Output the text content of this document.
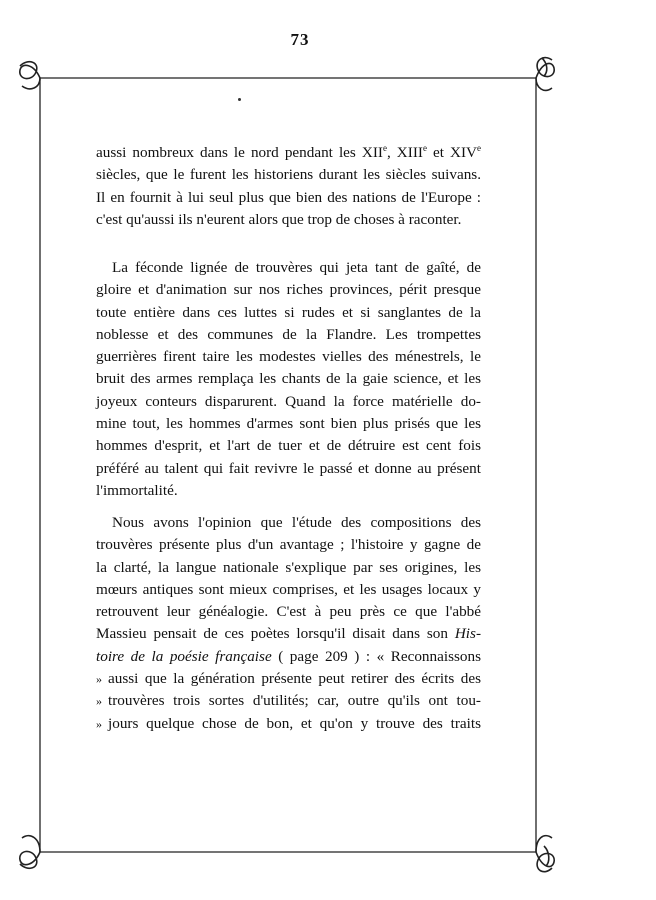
73
aussi nombreux dans le nord pendant les XIIe, XIIIe et XIVe
siècles, que le furent les historiens durant les siècles suivans.
Il en fournit à lui seul plus que bien des nations de l'Europe :
c'est qu'aussi ils n'eurent alors que trop de choses à raconter.
La féconde lignée de trouvères qui jeta tant de gaîté, de
gloire et d'animation sur nos riches provinces, périt presque
toute entière dans ces luttes si rudes et si sanglantes de la
noblesse et des communes de la Flandre. Les trompettes
guerrières firent taire les modestes vielles des ménestrels, le
bruit des armes remplaça les chants de la gaie science, et les
joyeux conteurs disparurent. Quand la force matérielle do-
mine tout, les hommes d'armes sont bien plus prisés que les
hommes d'esprit, et l'art de tuer et de détruire est cent fois
préféré au talent qui fait revivre le passé et donne au présent
l'immortalité.
Nous avons l'opinion que l'étude des compositions des
trouvères présente plus d'un avantage ; l'histoire y gagne de
la clarté, la langue nationale s'explique par ses origines, les
mœurs antiques sont mieux comprises, et les usages locaux y
retrouvent leur généalogie. C'est à peu près ce que l'abbé
Massieu pensait de ces poètes lorsqu'il disait dans son His-
toire de la poésie française ( page 209 ) : « Reconnaissons
» aussi que la génération présente peut retirer des écrits des
» trouvères trois sortes d'utilités; car, outre qu'ils ont tou-
» jours quelque chose de bon, et qu'on y trouve des traits
